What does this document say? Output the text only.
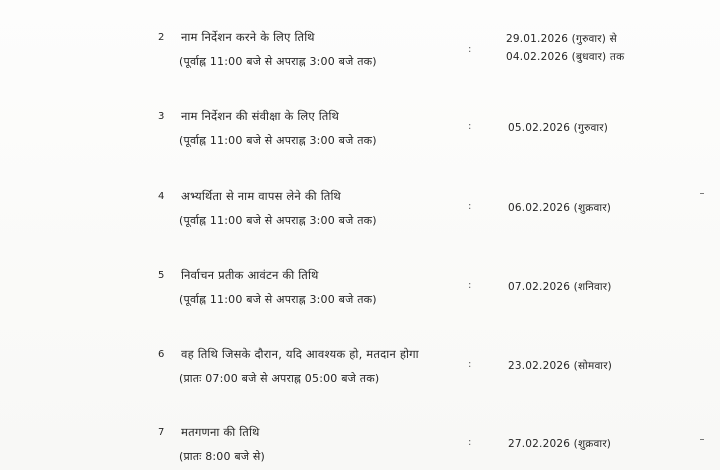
2 नाम निर्देशन करने के लिए तिथि
(पूर्वाह्न 11:00 बजे से अपराह्न 3:00 बजे तक)
:
29.01.2026 (गुरुवार) से
04.02.2026 (बुधवार) तक
3 नाम निर्देशन की संवीक्षा के लिए तिथि
(पूर्वाह्न 11:00 बजे से अपराह्न 3:00 बजे तक)
:	05.02.2026 (गुरुवार)
4 अभ्यर्थिता से नाम वापस लेने की तिथि
(पूर्वाह्न 11:00 बजे से अपराह्न 3:00 बजे तक)
:	06.02.2026 (शुक्रवार)
5 निर्वाचन प्रतीक आवंटन की तिथि
(पूर्वाह्न 11:00 बजे से अपराह्न 3:00 बजे तक)
:	07.02.2026 (शनिवार)
6 वह तिथि जिसके दौरान, यदि आवश्यक हो, मतदान होगा
(प्रातः 07:00 बजे से अपराह्न 05:00 बजे तक)
:	23.02.2026 (सोमवार)
7 मतगणना की तिथि
(प्रातः 8:00 बजे से)
:	27.02.2026 (शुक्रवार)
